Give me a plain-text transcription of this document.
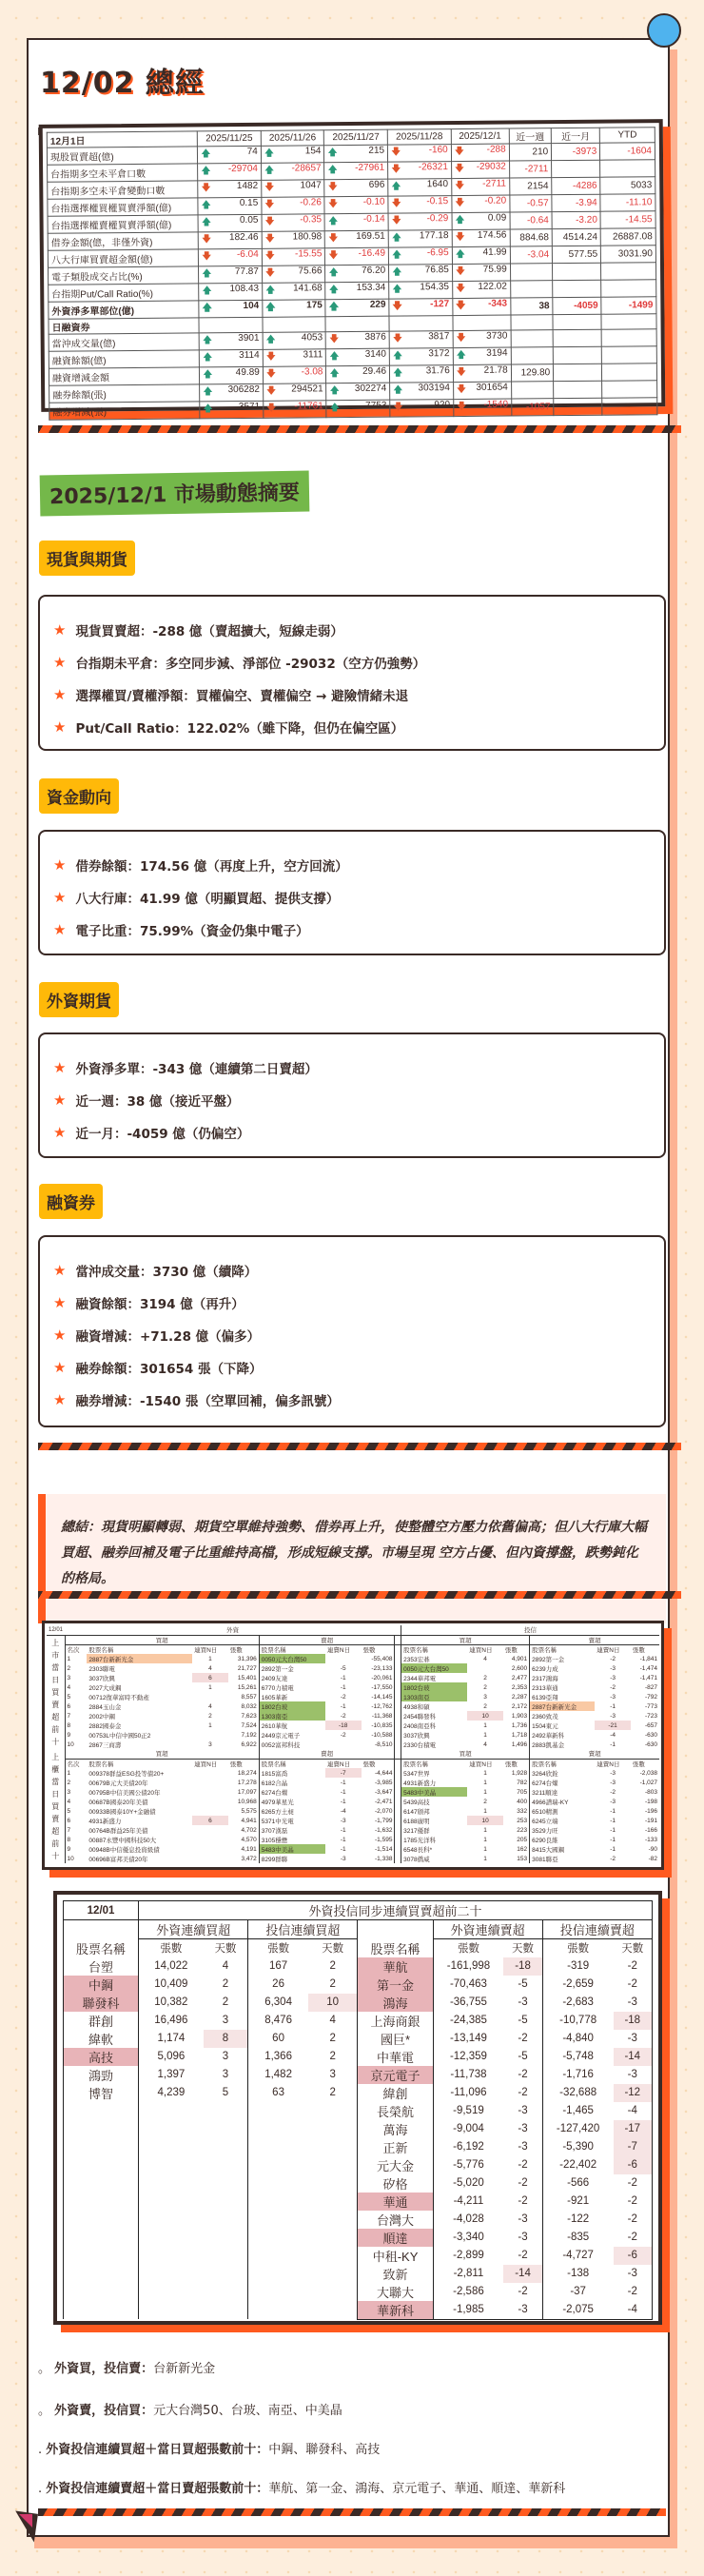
12/02 總經
12月1日	2025/11/25	2025/11/26	2025/11/27	2025/11/28	2025/12/1	近一週	近一月	YTD
現股買賣超(億)	🡅 74	🡅 154	🡅 215	🡇 -160	🡇 -288	210	-3973	-1604
台指期多空未平倉口數	🡅 -29704	🡅 -28657	🡅 -27961	🡇 -26321	🡇 -29032	-2711		
台指期多空未平倉變動口數	🡇 1482	🡇 1047	🡇 696	🡅 1640	🡇 -2711	2154	-4286	5033
台指選擇權買權買賣淨額(億)	🡅 0.15	🡇 -0.26	🡇 -0.10	🡇 -0.15	🡇 -0.20	-0.57	-3.94	-11.10
台指選擇權賣權買賣淨額(億)	🡅 0.05	🡇 -0.35	🡅 -0.14	🡇 -0.29	🡅 0.09	-0.64	-3.20	-14.55
借券金額(億，非僅外資)	🡇 182.46	🡇 180.98	🡇 169.51	🡅 177.18	🡇 174.56	884.68	4514.24	26887.08
八大行庫買賣超金額(億)	🡇 -6.04	🡇 -15.55	🡇 -16.49	🡅 -6.95	🡅 41.99	-3.04	577.55	3031.90
電子類股成交占比(%)	🡅 77.87	🡇 75.66	🡅 76.20	🡅 76.85	🡇 75.99			
台指期Put/Call Ratio(%)	🡅 108.43	🡅 141.68	🡅 153.34	🡅 154.35	🡇 122.02			
外資淨多單部位(億)	🡅 104	🡅 175	🡅 229	🡇 -127	🡇 -343	38	-4059	-1499
日融資券								
當沖成交量(億)	🡅 3901	🡅 4053	🡇 3876	🡇 3817	🡇 3730			
融資餘額(億)	🡅 3114	🡇 3111	🡅 3140	🡅 3172	🡅 3194			
融資增減金額	🡅 49.89	🡇 -3.08	🡅 29.46	🡅 31.76	🡇 21.78	129.80		
融券餘額(張)	🡅 306282	🡇 294521	🡅 302274	🡅 303194	🡇 301654			
融券增減(張)	🡅 3571	🡇 -11761	🡅 7753	🡇 920	🡇 -1540	-1057		
2025/12/1 市場動態摘要
現貨與期貨
★ 現貨買賣超：-288 億（賣超擴大，短線走弱）
★ 台指期未平倉：多空同步減、淨部位 -29032（空方仍強勢）
★ 選擇權買/賣權淨額：買權偏空、賣權偏空 → 避險情緒未退
★ Put/Call Ratio：122.02%（雖下降，但仍在偏空區）
資金動向
★ 借券餘額：174.56 億（再度上升，空方回流）
★ 八大行庫：41.99 億（明顯買超、提供支撐）
★ 電子比重：75.99%（資金仍集中電子）
外資期貨
★ 外資淨多單：-343 億（連續第二日賣超）
★ 近一週：38 億（接近平盤）
★ 近一月：-4059 億（仍偏空）
融資券
★ 當沖成交量：3730 億（續降）
★ 融資餘額：3194 億（再升）
★ 融資增減：+71.28 億（偏多）
★ 融券餘額：301654 張（下降）
★ 融券增減：-1540 張（空單回補，偏多訊號）
總結：現貨明顯轉弱、期貨空單維持強勢、借券再上升，使整體空方壓力依舊偏高；但八大行庫大幅買超、融券回補及電子比重維持高檔，形成短線支撐。市場呈現 空方占優、但內資撐盤，跌勢鈍化 的格局。
12/01	外資								投信							
上
市
當
日
買
賣
超
前
十	買超	賣超		買超	賣超
	名次	股票名稱	連買N日	張數	股票名稱	連賣N日	張數		股票名稱	連買N日	張數	股票名稱			連賣N日	張數
	1	2887台新新光金	1	31,396	0050元大台灣50		-55,408		2353宏碁	4	4,901	2892第一金			-2	-1,841
	2	2303聯電	4	21,727	2892第一金	-5	-23,133		0050元大台灣50		2,600	6239力成			-3	-1,474
	3	3037欣興	6	15,401	2409友達	-1	-20,061		2344華邦電	2	2,477	2317鴻海			-3	-1,471
	4	2027大成鋼	1	15,261	6770力積電	-1	-17,550		1802台玻	2	2,353	2313華通			-2	-827
	5	00712復華富時不動產		8,557	1605華新	-2	-14,145		1303南亞	3	2,287	6139亞翔			-3	-792
	6	2884玉山金	4	8,032	1802台玻	-1	-12,762		4938和碩	2	2,172	2887台新新光金			-1	-773
	7	2002中鋼	2	7,623	1303南亞	-2	-11,368		2454聯發科	10	1,903	2360致茂			-3	-723
	8	2882國泰金	1	7,524	2610華航	-18	-10,835		2408南亞科	1	1,736	1504東元			-21	-657
	9	00753L中信中國50正2		7,192	2449京元電子	-2	-10,588		3037欣興	1	1,718	2492華新科			-4	-630
	10	2867三商壽	3	6,922	0052富邦科技		-8,510		2330台積電	4	1,496	2883凱基金			-1	-630
上
櫃
當
日
買
賣
超
前
十	買超	賣超		買超	賣超
	名次	股票名稱	連買N日	張數	股票名稱	連賣N日	張數		股票名稱	連買N日	張數	股票名稱			連賣N日	張數
	1	009378群益ESG投等債20+		18,274	1815富喬	-7	-4,644		5347世界	1	1,928	3264欣銓			-3	-2,038
	2	00679B元大美債20年		17,278	6182合晶	-1	-3,985		4931新盛力	1	782	6274台燿			-3	-1,027
	3	00795B中信美國公債20年		17,097	6274台燿	-1	-3,647		5483中美晶	1	705	3211順達			-2	-803
	4	00687B國泰20年美債		10,968	4979華星光	-1	-2,471		5439高技	2	400	4966譜瑞-KY			-3	-198
	5	00933B國泰10Y+金融債		5,575	6265方土昶	-4	-2,070		6147頎邦	1	332	6510精測			-1	-196
	6	4931新盛力	6	4,941	5371中光電	-3	-1,799		6188廣明	10	253	6245立端			-1	-191
	7	00764B群益25年美債		4,702	3707漢磊	-1	-1,632		3217優群	1	223	3529力旺			-1	-166
	8	00887永豐中國科技50大		4,570	3105穩懋	-1	-1,595		1785光洋科	1	205	6290良維			-1	-133
	9	00948B中信優息投資級債		4,191	5483中美晶	-1	-1,514		6548長科*	1	162	8415大國鋼			-1	-90
	10	00696B富邦美債20年		3,472	8299群聯	-3	-1,338		3078僑威	1	153	3081聯亞			-2	-82
12/01	外資投信同步連續買賣超前二十								
	外資連續買超		投信連續買超			外資連續賣超		投信連續賣超	
股票名稱	張數	天數	張數	天數	股票名稱	張數	天數	張數	天數
台塑	14,022	4	167	2	華航	-161,998	-18	-319	-2
中鋼	10,409	2	26	2	第一金	-70,463	-5	-2,659	-2
聯發科	10,382	2	6,304	10	鴻海	-36,755	-3	-2,683	-3
群創	16,496	3	8,476	4	上海商銀	-24,385	-5	-10,778	-18
緯軟	1,174	8	60	2	國巨*	-13,149	-2	-4,840	-3
高技	5,096	3	1,366	2	中華電	-12,359	-5	-5,748	-14
鴻勁	1,397	3	1,482	3	京元電子	-11,738	-2	-1,716	-3
博智	4,239	5	63	2	緯創	-11,096	-2	-32,688	-12
					長榮航	-9,519	-3	-1,465	-4
					萬海	-9,004	-3	-127,420	-17
					正新	-6,192	-3	-5,390	-7
					元大金	-5,776	-2	-22,402	-6
					矽格	-5,020	-2	-566	-2
					華通	-4,211	-2	-921	-2
					台灣大	-4,028	-3	-122	-2
					順達	-3,340	-3	-835	-2
					中租-KY	-2,899	-2	-4,727	-6
					致新	-2,811	-14	-138	-3
					大聯大	-2,586	-2	-37	-2
					華新科	-1,985	-3	-2,075	-4
。 外資買，投信賣：台新新光金
。 外資賣，投信買：元大台灣50、台玻、南亞、中美晶
. 外資投信連續買超＋當日買超張數前十：中鋼、聯發科、高技
. 外資投信連續賣超＋當日賣超張數前十：華航、第一金、鴻海、京元電子、華通、順達、華新科
